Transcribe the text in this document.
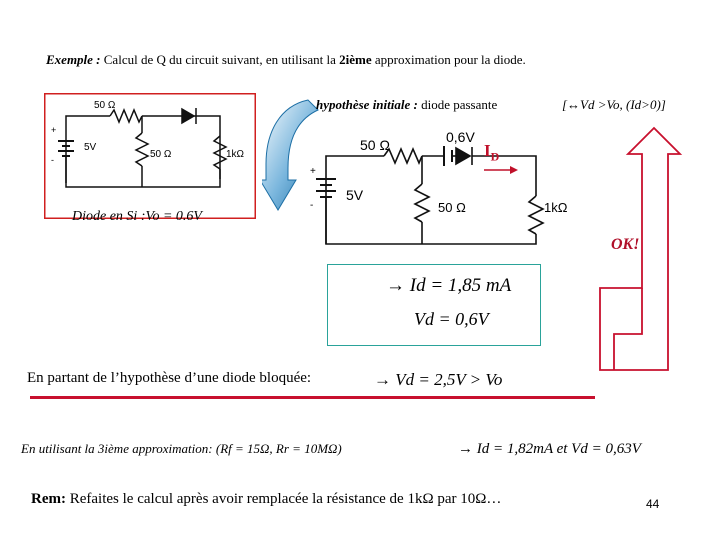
Exemple : Calcul de Q du circuit suivant, en utilisant la 2ième approximation pour la diode.
50 Ω
+
-
5V
50 Ω	1kΩ
hypothèse initiale : diode passante	[↔Vd >Vo, (Id>0)]
50 Ω	0,6V
+
-
5V
50 Ω	1kΩ
$I_D$
Diode en Si :Vo = 0.6V
OK!
→ Id = 1,85 mA
Vd = 0,6V
En partant de l’hypothèse d’une diode bloquée:	→ Vd = 2,5V > Vo
En utilisant la 3ième approximation: (Rf = 15Ω, Rr = 10MΩ)	→ Id = 1,82mA et Vd = 0,63V
Rem: Refaites le calcul après avoir remplacée la résistance de 1kΩ par 10Ω…	44
